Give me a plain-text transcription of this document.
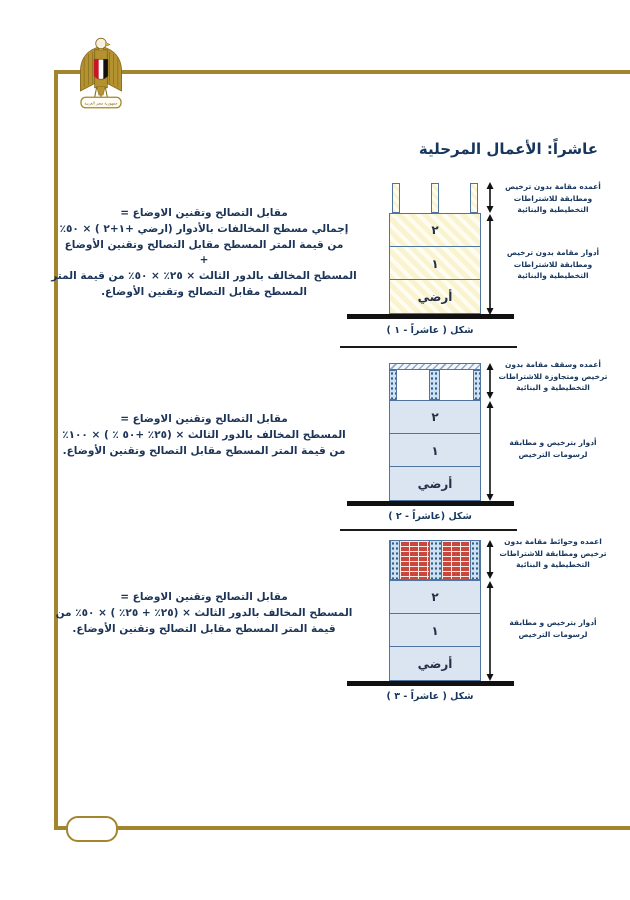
جمهورية مصر العربية
عاشراً: الأعمال المرحلية
مقابل التصالح وتقنين الاوضاع =
إجمالي مسطح المخالفات بالأدوار (ارضي +١+٢ ) × ٥٠٪
من قيمة المتر المسطح مقابل التصالح وتقنين الأوضاع
+
المسطح المخالف بالدور الثالث × ٢٥٪ × ٥٠٪ من قيمة المتر
المسطح مقابل التصالح وتقنين الأوضاع.
٢
١
أرضي
أعمده مقامة بدون ترخيص ومطابقة للاشتراطات التخطيطية والبنائية
أدوار مقامة بدون ترخيص ومطابقة للاشتراطات التخطيطية والبنائية
شكل ( عاشراً - ١ )
مقابل التصالح وتقنين الاوضاع =
المسطح المخالف بالدور الثالث × (٢٥٪ +٥٠ ٪ ) × ١٠٠٪
من قيمة المتر المسطح مقابل التصالح وتقنين الأوضاع.
٢
١
أرضي
أعمده وسقف مقامة بدون ترخيص ومتجاوزة للاشتراطات التخطيطية و البنائية
أدوار بترخيص و مطابقة لرسومات الترخيص
شكل (عاشراً - ٢ )
مقابل التصالح وتقنين الاوضاع =
المسطح المخالف بالدور الثالث × (٢٥٪ + ٢٥٪ ) × ٥٠٪ من
قيمة المتر المسطح مقابل التصالح وتقنين الأوضاع.
٢
١
أرضي
اعمده وحوائط مقامة بدون ترخيص ومطابقة للاشتراطات التخطيطية و البنائية
أدوار بترخيص و مطابقة لرسومات الترخيص
شكل ( عاشراً - ٣ )
